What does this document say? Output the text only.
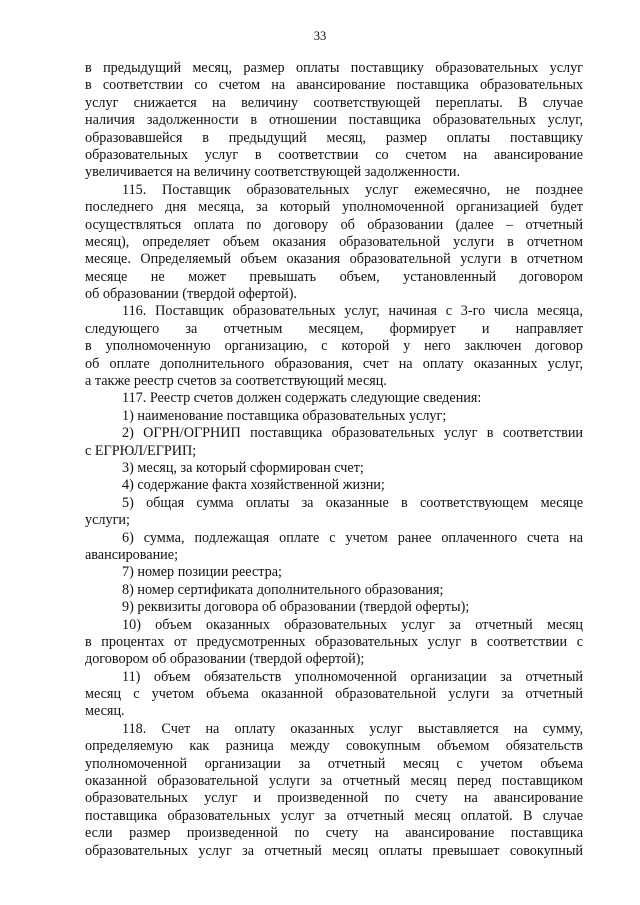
33
в предыдущий месяц, размер оплаты поставщику образовательных услуг
в соответствии со счетом на авансирование поставщика образовательных
услуг снижается на величину соответствующей переплаты. В случае
наличия задолженности в отношении поставщика образовательных услуг,
образовавшейся в предыдущий месяц, размер оплаты поставщику
образовательных услуг в соответствии со счетом на авансирование
увеличивается на величину соответствующей задолженности.
115. Поставщик образовательных услуг ежемесячно, не позднее
последнего дня месяца, за который уполномоченной организацией будет
осуществляться оплата по договору об образовании (далее – отчетный
месяц), определяет объем оказания образовательной услуги в отчетном
месяце. Определяемый объем оказания образовательной услуги в отчетном
месяце не может превышать объем, установленный договором
об образовании (твердой офертой).
116. Поставщик образовательных услуг, начиная с 3-го числа месяца,
следующего за отчетным месяцем, формирует и направляет
в уполномоченную организацию, с которой у него заключен договор
об оплате дополнительного образования, счет на оплату оказанных услуг,
а также реестр счетов за соответствующий месяц.
117. Реестр счетов должен содержать следующие сведения:
1) наименование поставщика образовательных услуг;
2) ОГРН/ОГРНИП поставщика образовательных услуг в соответствии
с ЕГРЮЛ/ЕГРИП;
3) месяц, за который сформирован счет;
4) содержание факта хозяйственной жизни;
5) общая сумма оплаты за оказанные в соответствующем месяце
услуги;
6) сумма, подлежащая оплате с учетом ранее оплаченного счета на
авансирование;
7) номер позиции реестра;
8) номер сертификата дополнительного образования;
9) реквизиты договора об образовании (твердой оферты);
10) объем оказанных образовательных услуг за отчетный месяц
в процентах от предусмотренных образовательных услуг в соответствии с
договором об образовании (твердой офертой);
11) объем обязательств уполномоченной организации за отчетный
месяц с учетом объема оказанной образовательной услуги за отчетный
месяц.
118. Счет на оплату оказанных услуг выставляется на сумму,
определяемую как разница между совокупным объемом обязательств
уполномоченной организации за отчетный месяц с учетом объема
оказанной образовательной услуги за отчетный месяц перед поставщиком
образовательных услуг и произведенной по счету на авансирование
поставщика образовательных услуг за отчетный месяц оплатой. В случае
если размер произведенной по счету на авансирование поставщика
образовательных услуг за отчетный месяц оплаты превышает совокупный
